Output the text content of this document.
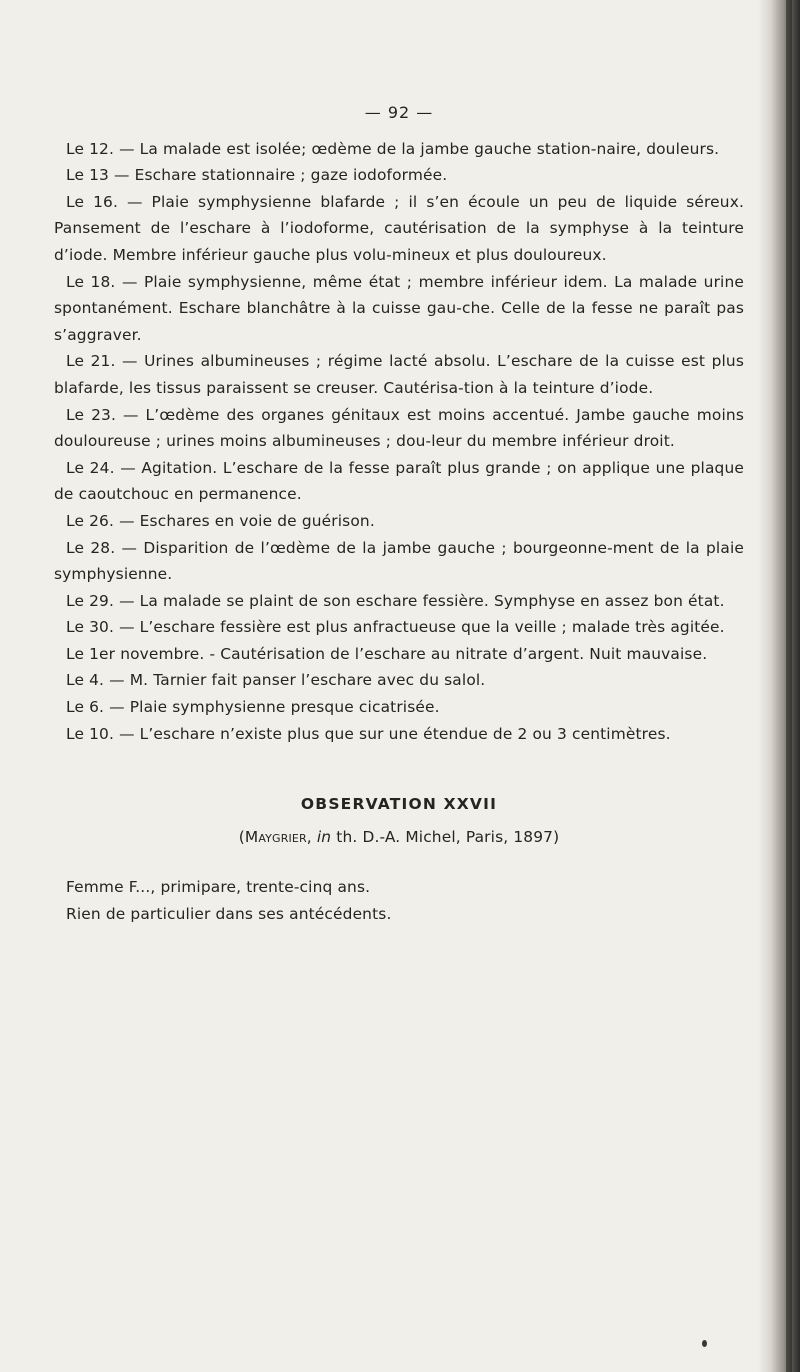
— 92 —

Le 12. — La malade est isolée; œdème de la jambe gauche station-naire, douleurs.

Le 13 — Eschare stationnaire ; gaze iodoformée.

Le 16. — Plaie symphysienne blafarde ; il s’en écoule un peu de liquide séreux. Pansement de l’eschare à l’iodoforme, cautérisation de la symphyse à la teinture d’iode. Membre inférieur gauche plus volu-mineux et plus douloureux.

Le 18. — Plaie symphysienne, même état ; membre inférieur idem. La malade urine spontanément. Eschare blanchâtre à la cuisse gau-che. Celle de la fesse ne paraît pas s’aggraver.

Le 21. — Urines albumineuses ; régime lacté absolu. L’eschare de la cuisse est plus blafarde, les tissus paraissent se creuser. Cautérisa-tion à la teinture d’iode.

Le 23. — L’œdème des organes génitaux est moins accentué. Jambe gauche moins douloureuse ; urines moins albumineuses ; dou-leur du membre inférieur droit.

Le 24. — Agitation. L’eschare de la fesse paraît plus grande ; on applique une plaque de caoutchouc en permanence.

Le 26. — Eschares en voie de guérison.

Le 28. — Disparition de l’œdème de la jambe gauche ; bourgeonne-ment de la plaie symphysienne.

Le 29. — La malade se plaint de son eschare fessière. Symphyse en assez bon état.

Le 30. — L’eschare fessière est plus anfractueuse que la veille ; malade très agitée.

Le 1er novembre. - Cautérisation de l’eschare au nitrate d’argent. Nuit mauvaise.

Le 4. — M. Tarnier fait panser l’eschare avec du salol.

Le 6. — Plaie symphysienne presque cicatrisée.

Le 10. — L’eschare n’existe plus que sur une étendue de 2 ou 3 centimètres.

OBSERVATION XXVII

(Maygrier, in th. D.-A. Michel, Paris, 1897)

Femme F..., primipare, trente-cinq ans.

Rien de particulier dans ses antécédents.
